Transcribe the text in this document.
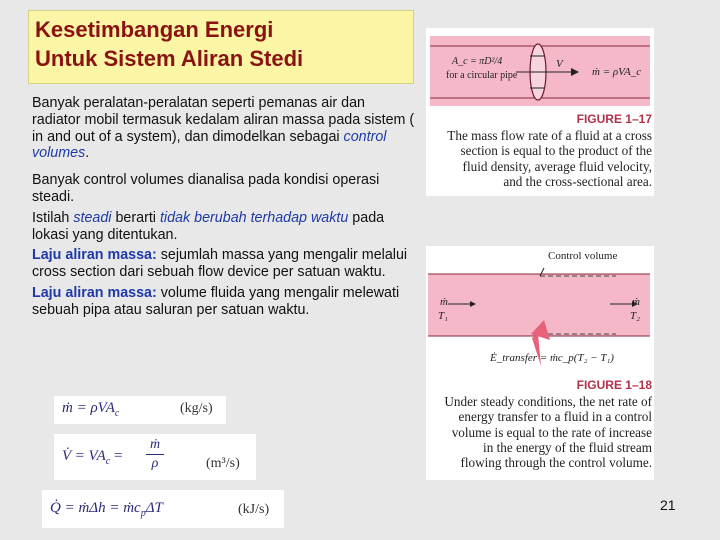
Kesetimbangan Energi
Untuk Sistem Aliran Stedi

Banyak peralatan-peralatan seperti pemanas air dan radiator mobil termasuk kedalam aliran massa pada sistem ( in and out of a system), dan dimodelkan sebagai control volumes.

Banyak control volumes dianalisa pada kondisi operasi steadi.

Istilah steadi berarti tidak berubah terhadap waktu pada lokasi yang ditentukan.

Laju aliran massa: sejumlah massa yang mengalir melalui cross section dari sebuah flow device per satuan waktu.

Laju aliran massa: volume fluida yang mengalir melewati sebuah pipa atau saluran per satuan waktu.

ṁ = ρVA$_c$	(kg/s)
V̇ = $VA_c = \frac{\text{ṁ}}{\rho}$	(m³/s)
Q̇ = ṁΔh = ṁc$_p$ΔT	(kJ/s)
A_c = πD²/4
for a circular pipe
V
ṁ = ρVA_c
FIGURE 1–17
The mass flow rate of a fluid at a cross
section is equal to the product of the
fluid density, average fluid velocity,
and the cross-sectional area.
Control volume
ṁ
T₁
ṁ
T₂
Ė_transfer = ṁc_p(T₂ − T₁)
FIGURE 1–18
Under steady conditions, the net rate of
energy transfer to a fluid in a control
volume is equal to the rate of increase
in the energy of the fluid stream
flowing through the control volume.
21
